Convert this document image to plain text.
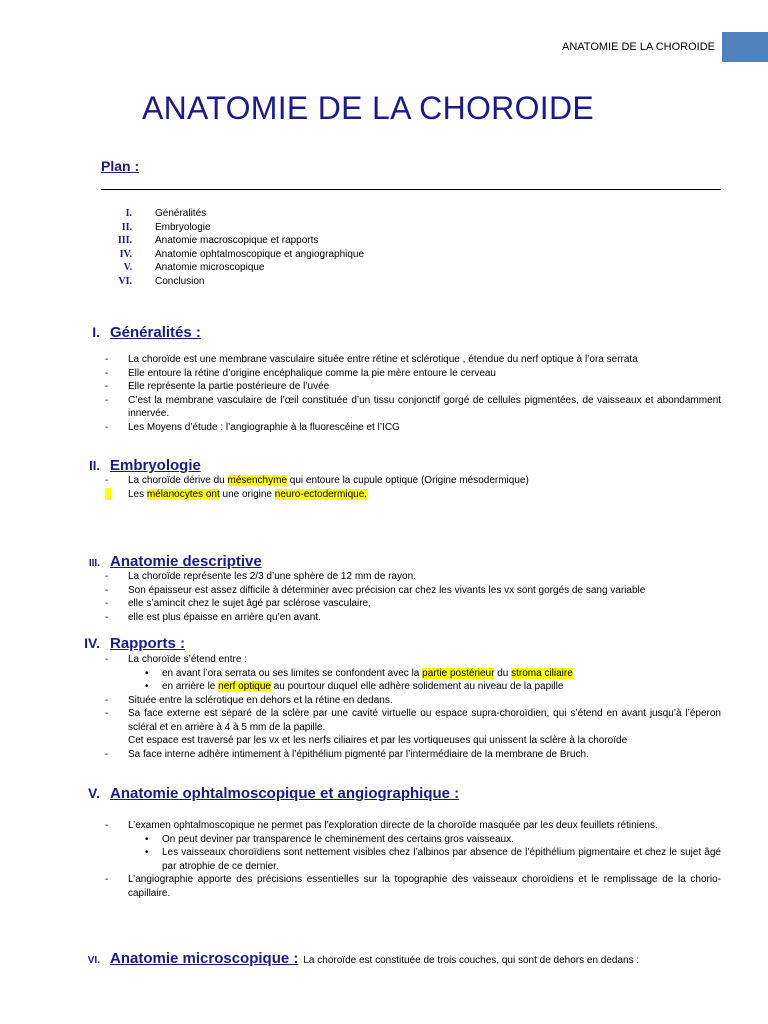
ANATOMIE DE LA CHOROIDE
ANATOMIE DE LA CHOROIDE
Plan :
I.	Généralités
II.	Embryologie
III.	Anatomie macroscopique et rapports
IV.	Anatomie ophtalmoscopique et angiographique
V.	Anatomie microscopique
VI.	Conclusion
I. Généralités :
- La choroïde est une membrane vasculaire située entre rétine et sclérotique , étendue du nerf optique à l’ora serrata
- Elle entoure la rétine d’origine encéphalique comme la pie mère entoure le cerveau
- Elle représente la partie postérieure de l’uvée
- C’est la membrane vasculaire de l’œil constituée d’un tissu conjonctif gorgé de cellules pigmentées, de vaisseaux et abondamment innervée.
- Les Moyens d’étude : l’angiographie à la fluorescéine et l’ICG
II. Embryologie
- La choroïde dérive du mésenchyme qui entoure la cupule optique (Origine mésodermique)
- Les mélanocytes ont une origine neuro-ectodermique.
III. Anatomie descriptive
- La choroïde représente les 2/3 d’une sphère de 12 mm de rayon.
- Son épaisseur est assez difficile à déterminer avec précision car chez les vivants les vx sont gorgés de sang variable
- elle s’amincit chez le sujet âgé par sclérose vasculaire,
- elle est plus épaisse en arrière qu’en avant.
IV. Rapports :
- La choroïde s’étend entre :
• en avant l’ora serrata ou ses limites se confondent avec la partie postérieur du stroma ciliaire
• en arrière le nerf optique au pourtour duquel elle adhère solidement au niveau de la papille
- Située entre la sclérotique en dehors et la rétine en dedans.
- Sa face externe est séparé de la sclère par une cavité virtuelle ou espace supra-choroïdien, qui s’étend en avant jusqu’à l’éperon scléral et en arrière à 4 à 5 mm de la papille.
Cet espace est traversé par les vx et les nerfs ciliaires et par les vortiqueuses qui unissent la sclère à la choroïde
- Sa face interne adhère intimement à l’épithélium pigmenté par l’intermédiaire de la membrane de Bruch.
V. Anatomie ophtalmoscopique et angiographique :
- L’examen ophtalmoscopique ne permet pas l’exploration directe de la choroïde masquée par les deux feuillets rétiniens.
• On peut deviner par transparence le cheminement des certains gros vaisseaux.
• Les vaisseaux choroïdiens sont nettement visibles chez l’albinos par absence de l’épithélium pigmentaire et chez le sujet âgé par atrophie de ce dernier.
- L’angiographie apporte des précisions essentielles sur la topographie des vaisseaux choroïdiens et le remplissage de la chorio-capillaire.
VI. Anatomie microscopique : La choroïde est constituée de trois couches, qui sont de dehors en dedans :
